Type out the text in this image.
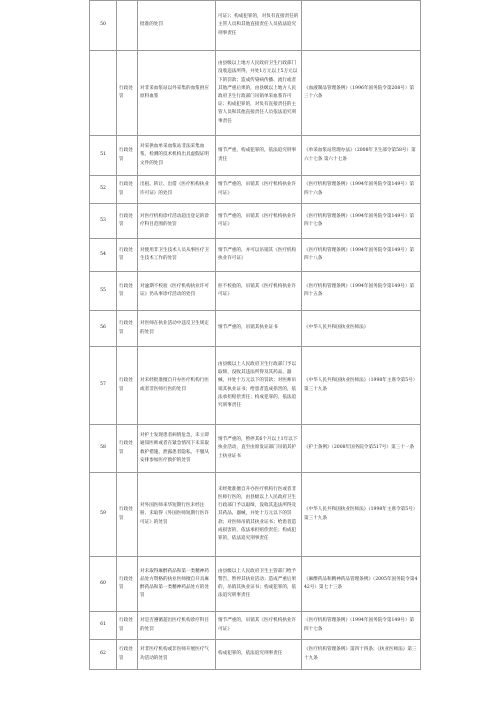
50		批准的处罚	可证》；构成犯罪的，对负有直接责任的主管人员和其他直接责任人员依法追究刑事责任	
	行政处罚	对非采血浆站以外采集的血浆供应原料血浆	由县级以上地方人民政府卫生行政部门没收违法所得，并处1万元以上5万元以下的罚款；造成传染病传播、流行或者其他严重后果的，由县级以上地方人民政府卫生行政部门吊销单采血浆许可证；构成犯罪的，对负有直接责任的主管人员和其他直接责任人员依法追究刑事责任	《血液制品管理条例》（1996年国务院令第208号）第三十六条
51	行政处罚	对采供血单采血浆站非法采集血浆、检测的技术机构出具虚假证明文件的处罚	情节严重，构成犯罪的，依法追究刑事责任	《单采血浆站管理办法》（2008年卫生部令第58号）第六十七条 第六十七条
52	行政处罚	出租、转让、出借《医疗机构执业许可证》的处罚	情节严重的，吊销其《医疗机构执业许可证》	《医疗机构管理条例》（1994年国务院令第149号）第四十六条
53	行政处罚	对医疗机构诊疗活动超出登记的诊疗科目范围的处罚	情节严重的，吊销其《医疗机构执业许可证》	《医疗机构管理条例》（1994年国务院令第149号）第四十七条
54	行政处罚	对使用非卫生技术人员从事医疗卫生技术工作的处罚	情节严重的，并可以吊销其《医疗机构执业许可证》	《医疗机构管理条例》（1994年国务院令第149号）第四十八条
55	行政处罚	对逾期不校验《医疗机构执业许可证》仍从事诊疗活动的处罚	拒不校验的，吊销其《医疗机构执业许可证》	《医疗机构管理条例》（1994年国务院令第149号）第四十五条
56	行政处罚	对医师在执业活动中违反卫生规定的处罚	情节严重的，吊销其执业证书	《中华人民共和国执业医师法》
57	行政处罚	对未经批准擅自开办医疗机构行医或者非医师行医的处罚	由县级以上人民政府卫生行政部门予以取缔，没收其违法所得及其药品、器械，并处十万元以下的罚款；对医师吊销其执业证书；给患者造成损害的，依法承担赔偿责任；构成犯罪的，依法追究刑事责任	《中华人民共和国执业医师法》（1998年主席令第5号）第三十九条
58	行政处罚	对护士发现患者病情危急，未立即通知医师或者在紧急情况下未采取救护措施、泄露患者隐私、不服从安排参加医疗救护的处罚	情节严重的，暂停其6个月以上1年以下执业活动，直至由原发证部门吊销其护士执业证书	《护士条例》（2008年国务院令第517号）第三十一条
59	行政处罚	对外国医师来华短期行医未经注册、未取得《外国医师短期行医许可证》的处罚	未经批准擅自开办医疗机构行医或者非医师行医的，由县级以上人民政府卫生行政部门予以取缔，没收其违法所得及其药品、器械，并处十万元以下的罚款；对医师吊销其执业证书；给患者造成损害的，依法承担赔偿责任；构成犯罪的，依法追究刑事责任	《中华人民共和国执业医师法》（1998年主席令第5号）第三十九条
60	行政处罚	对未取得麻醉药品和第一类精神药品处方资格的执业医师擅自开具麻醉药品和第一类精神药品处方的处罚	由县级以上人民政府卫生主管部门给予警告，暂停其执业活动；造成严重后果的，吊销其执业证书；构成犯罪的，依法追究刑事责任	《麻醉药品和精神药品管理条例》（2005年国务院令第442号）第七十三条
61	行政处罚	对是否遵循超出医疗机构诊疗科目的处罚	情节严重的，吊销其《医疗机构执业许可证》	《医疗机构管理条例》（1994年国务院令第149号）第四十七条
62	行政处罚	对非医疗机构或非医师开展医疗气功活动的处罚	构成犯罪的，依法追究刑事责任	《医疗机构管理条例》第四十四条；《执业医师法》第三十九条
